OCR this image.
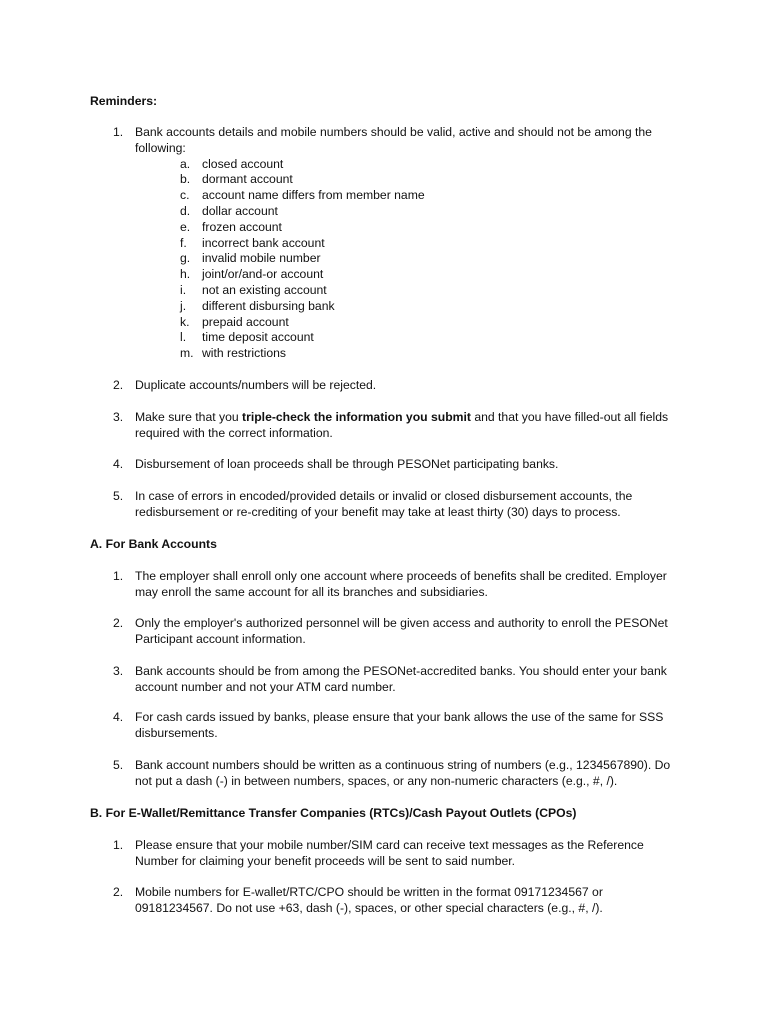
Reminders:
1. Bank accounts details and mobile numbers should be valid, active and should not be among the following:
a. closed account
b. dormant account
c. account name differs from member name
d. dollar account
e. frozen account
f. incorrect bank account
g. invalid mobile number
h. joint/or/and-or account
i. not an existing account
j. different disbursing bank
k. prepaid account
l. time deposit account
m. with restrictions
2. Duplicate accounts/numbers will be rejected.
3. Make sure that you triple-check the information you submit and that you have filled-out all fields required with the correct information.
4. Disbursement of loan proceeds shall be through PESONet participating banks.
5. In case of errors in encoded/provided details or invalid or closed disbursement accounts, the redisbursement or re-crediting of your benefit may take at least thirty (30) days to process.
A. For Bank Accounts
1. The employer shall enroll only one account where proceeds of benefits shall be credited. Employer may enroll the same account for all its branches and subsidiaries.
2. Only the employer's authorized personnel will be given access and authority to enroll the PESONet Participant account information.
3. Bank accounts should be from among the PESONet-accredited banks. You should enter your bank account number and not your ATM card number.
4. For cash cards issued by banks, please ensure that your bank allows the use of the same for SSS disbursements.
5. Bank account numbers should be written as a continuous string of numbers (e.g., 1234567890). Do not put a dash (-) in between numbers, spaces, or any non-numeric characters (e.g., #, /).
B. For E-Wallet/Remittance Transfer Companies (RTCs)/Cash Payout Outlets (CPOs)
1. Please ensure that your mobile number/SIM card can receive text messages as the Reference Number for claiming your benefit proceeds will be sent to said number.
2. Mobile numbers for E-wallet/RTC/CPO should be written in the format 09171234567 or 09181234567. Do not use +63, dash (-), spaces, or other special characters (e.g., #, /).
